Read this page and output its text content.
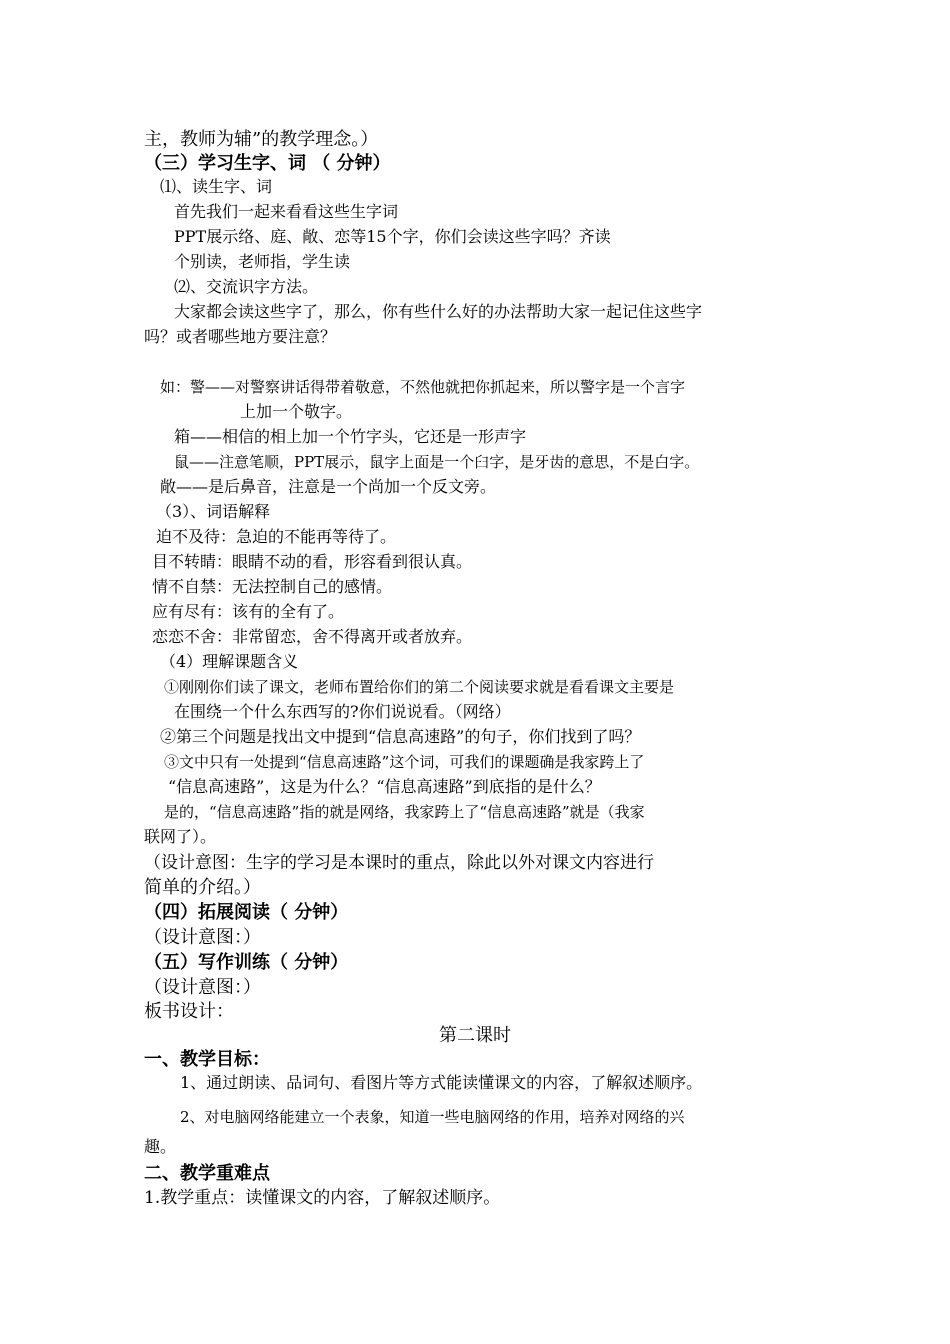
主，教师为辅”的教学理念。）
（三）学习生字、词 （ 分钟）
⑴、读生字、词
首先我们一起来看看这些生字词
PPT展示络、庭、敞、恋等15个字，你们会读这些字吗？齐读
个别读，老师指，学生读
⑵、交流识字方法。
大家都会读这些字了，那么，你有些什么好的办法帮助大家一起记住这些字
吗？或者哪些地方要注意？
如：警——对警察讲话得带着敬意，不然他就把你抓起来，所以警字是一个言字
上加一个敬字。
箱——相信的相上加一个竹字头，它还是一形声字
鼠——注意笔顺，PPT展示，鼠字上面是一个臼字，是牙齿的意思，不是白字。
敞——是后鼻音，注意是一个尚加一个反文旁。
（3）、词语解释
迫不及待：急迫的不能再等待了。
目不转睛：眼睛不动的看，形容看到很认真。
情不自禁：无法控制自己的感情。
应有尽有：该有的全有了。
恋恋不舍：非常留恋，舍不得离开或者放弃。
（4）理解课题含义
①刚刚你们读了课文，老师布置给你们的第二个阅读要求就是看看课文主要是
在围绕一个什么东西写的?你们说说看。（网络）
②第三个问题是找出文中提到“信息高速路”的句子，你们找到了吗？
③文中只有一处提到“信息高速路”这个词，可我们的课题确是我家跨上了
“信息高速路”，这是为什么？“信息高速路”到底指的是什么？
是的，“信息高速路”指的就是网络，我家跨上了“信息高速路”就是（我家
联网了）。
（设计意图：生字的学习是本课时的重点，除此以外对课文内容进行
简单的介绍。）
（四）拓展阅读（ 分钟）
（设计意图：）
（五）写作训练（ 分钟）
（设计意图：）
板书设计：
第二课时
一、教学目标：
1、通过朗读、品词句、看图片等方式能读懂课文的内容，了解叙述顺序。
2、对电脑网络能建立一个表象，知道一些电脑网络的作用，培养对网络的兴
趣。
二、教学重难点
1.教学重点：读懂课文的内容，了解叙述顺序。
